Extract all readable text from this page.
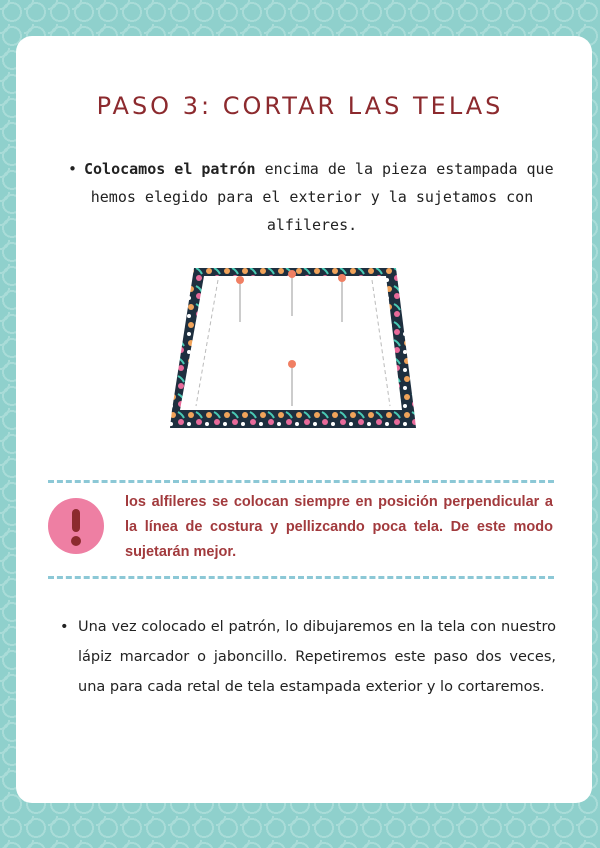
PASO 3: CORTAR LAS TELAS
• Colocamos el patrón encima de la pieza estampada que
hemos elegido para el exterior y la sujetamos con alfileres.

los alfileres se colocan siempre en posición perpendicular a la línea de costura y pellizcando poca tela. De este modo sujetarán mejor.

• Una vez colocado el patrón, lo dibujaremos en la tela con nuestro lápiz marcador o jaboncillo. Repetiremos este paso dos veces, una para cada retal de tela estampada exterior y lo cortaremos.
